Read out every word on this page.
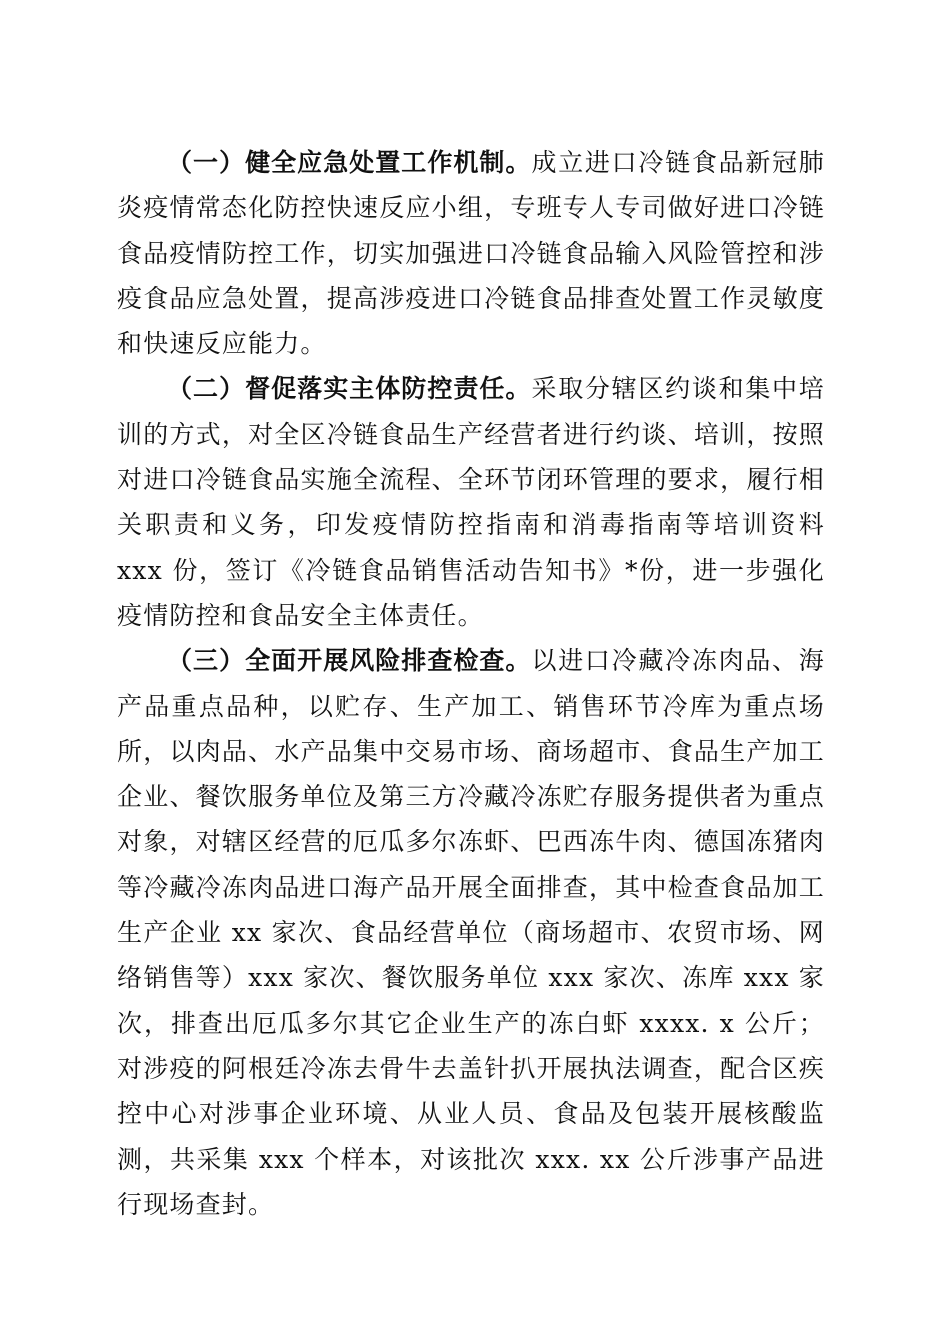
（一）健全应急处置工作机制。成立进口冷链食品新冠肺炎疫情常态化防控快速反应小组，专班专人专司做好进口冷链食品疫情防控工作，切实加强进口冷链食品输入风险管控和涉疫食品应急处置，提高涉疫进口冷链食品排查处置工作灵敏度和快速反应能力。

（二）督促落实主体防控责任。采取分辖区约谈和集中培训的方式，对全区冷链食品生产经营者进行约谈、培训，按照对进口冷链食品实施全流程、全环节闭环管理的要求，履行相关职责和义务，印发疫情防控指南和消毒指南等培训资料 xxx 份，签订《冷链食品销售活动告知书》*份，进一步强化疫情防控和食品安全主体责任。

（三）全面开展风险排查检查。以进口冷藏冷冻肉品、海产品重点品种，以贮存、生产加工、销售环节冷库为重点场所，以肉品、水产品集中交易市场、商场超市、食品生产加工企业、餐饮服务单位及第三方冷藏冷冻贮存服务提供者为重点对象，对辖区经营的厄瓜多尔冻虾、巴西冻牛肉、德国冻猪肉等冷藏冷冻肉品进口海产品开展全面排查，其中检查食品加工生产企业 xx 家次、食品经营单位（商场超市、农贸市场、网络销售等）xxx 家次、餐饮服务单位 xxx 家次、冻库 xxx 家次，排查出厄瓜多尔其它企业生产的冻白虾 xxxx. x 公斤；对涉疫的阿根廷冷冻去骨牛去盖针扒开展执法调查，配合区疾控中心对涉事企业环境、从业人员、食品及包装开展核酸监测，共采集 xxx 个样本，对该批次 xxx. xx 公斤涉事产品进行现场查封。
